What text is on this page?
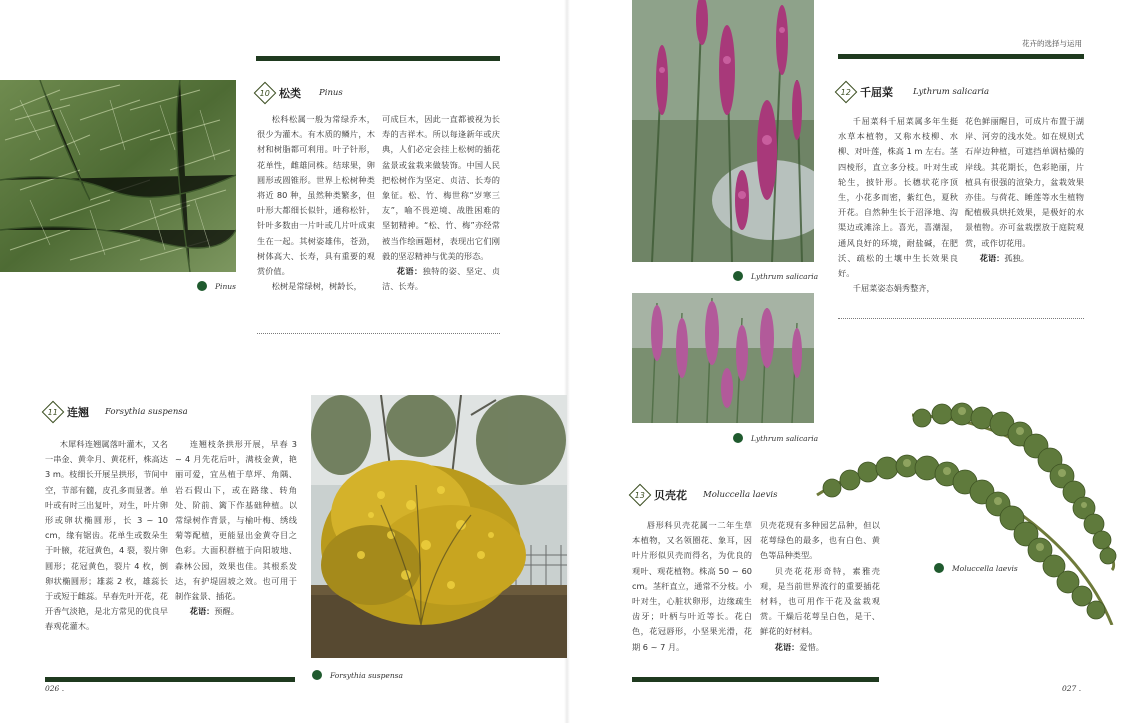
花卉的选择与运用
Pinus
10 松类 Pinus

松科松属一般为常绿乔木，很少为灌木。有木质的鳞片，木材和树脂都可利用。叶子针形，花单性，雌雄同株。结球果，卵圆形或圆锥形。世界上松树种类将近 80 种，虽然种类繁多，但叶形大都细长似针，通称松针，针叶多数由一片叶或几片叶成束生在一起。其树姿雄伟，苍劲，树体高大、长寿，具有重要的观赏价值。

松树是常绿树，树龄长，

可成巨木，因此一直都被视为长寿的吉祥木。所以每逢新年或庆典，人们必定会挂上松树的插花盆景或盆栽来做装饰。中国人民把松树作为坚定、贞洁、长寿的象征。松、竹、梅世称“岁寒三友”，喻不畏逆境、战胜困难的坚韧精神。“松、竹、梅”亦经常被当作绘画题材，表现出它们刚毅的坚忍精神与优美的形态。

花语：独特的姿、坚定、贞洁、长寿。

11 连翘 Forsythia suspensa

木犀科连翘属落叶灌木，又名一串金、黄伞月、黄花杆，株高达 3 m。枝细长开展呈拱形，节间中空，节部有髓，皮孔多而显著。单叶或有时三出复叶，对生，叶片卵形或卵状椭圆形，长 3 ~ 10 cm，缘有锯齿。花单生或数朵生于叶腋，花冠黄色，4 裂，裂片卵圆形；花冠黄色，裂片 4 枚，倒卵状椭圆形；雄蕊 2 枚，雄蕊长于或短于雌蕊。早春先叶开花，花开香气淡艳，是北方常见的优良早春观花灌木。

连翘枝条拱形开展，早春 3 ~ 4 月先花后叶，满枝金黄，艳丽可爱，宜丛植于草坪、角隅、岩石假山下，或在路缘、转角处、阶前、篱下作基础种植。以常绿树作背景，与榆叶梅、绣线菊等配植，更能显出金黄夺目之色彩。大面积群植于向阳坡地、森林公园，效果也佳。其根系发达，有护堤固坡之效。也可用于制作盆景、插花。

花语：预醒。

Forsythia suspensa
026 .
Lythrum salicaria
Lythrum salicaria
12 千屈菜 Lythrum salicaria

千屈菜科千屈菜属多年生挺水草本植物，又称水枝柳、水柳、对叶莲，株高 1 m 左右。茎四棱形，直立多分枝。叶对生或轮生，披针形。长穗状花序顶生，小花多而密，紫红色，夏秋开花。自然种生长于沼泽地、沟渠边或滩涂上。喜光，喜潮湿，通风良好的环境，耐盐碱，在肥沃、疏松的土壤中生长效果良好。

千屈菜姿态娟秀整齐，

花色鲜丽醒目，可成片布置于湖岸、河旁的浅水处。如在规则式石岸边种植，可遮挡单调枯燥的岸线。其花期长，色彩艳丽，片植具有很强的渲染力，盆栽效果亦佳。与荷花、睡莲等水生植物配植极具烘托效果，是极好的水景植物。亦可盆栽摆放于庭院观赏，或作切花用。

花语：孤独。

13 贝壳花 Moluccella laevis

唇形科贝壳花属一二年生草本植物，又名领圈花、象耳，因叶片形似贝壳而得名，为优良的观叶、观花植物。株高 50 ~ 60 cm。茎秆直立，通常不分枝。小叶对生，心脏状卵形，边缘疏生齿牙；叶柄与叶近等长。花白色，花冠唇形，小坚果光滑，花期 6 ~ 7 月。

贝壳花现有多种园艺品种，但以花萼绿色的最多，也有白色、黄色等品种类型。

贝壳花花形奇特，素雅壳观，是当前世界流行的重要插花材料，也可用作干花及盆栽观赏。干燥后花萼呈白色，是干、鲜花的好材料。

花语：爱惜。

Moluccella laevis
027 .
